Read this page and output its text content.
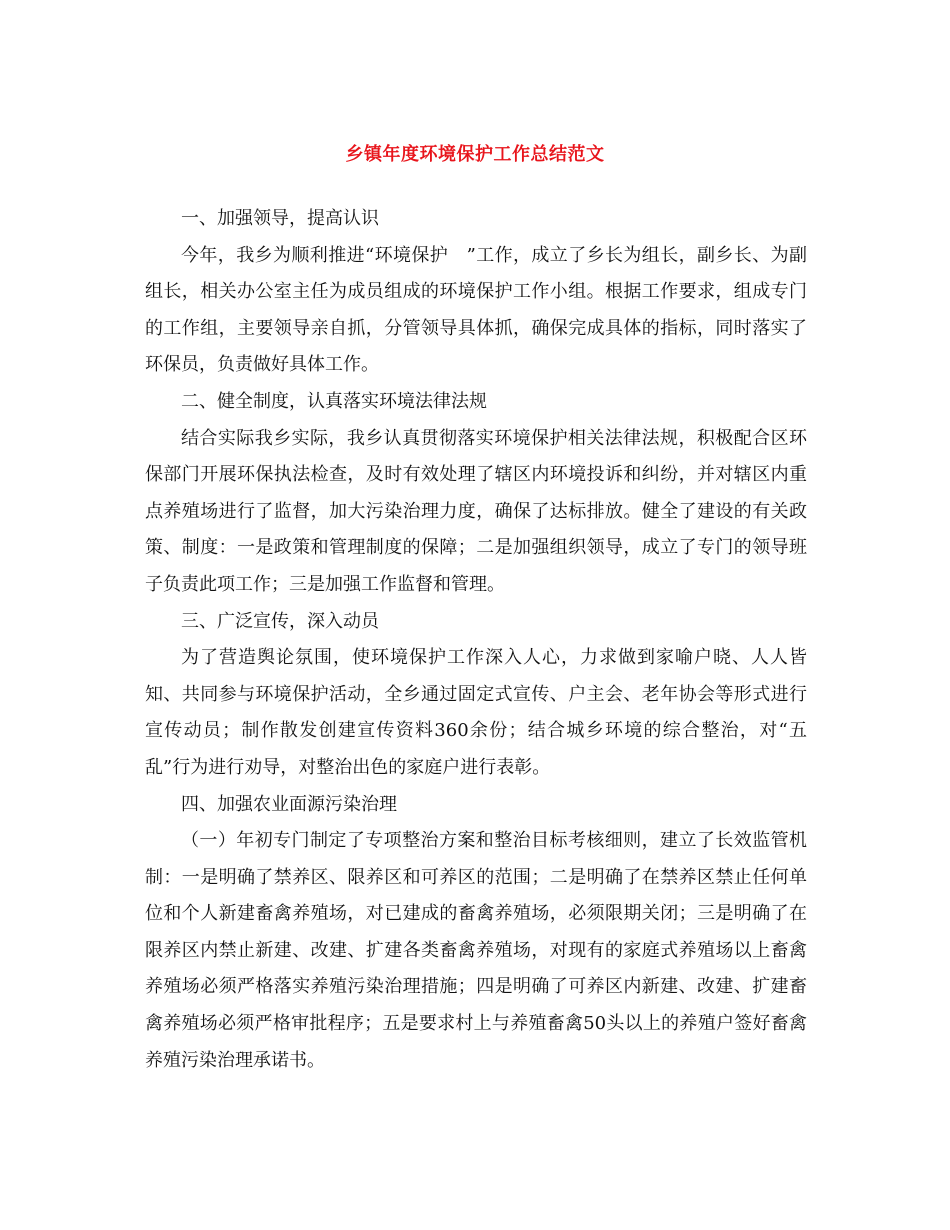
乡镇年度环境保护工作总结范文

一、加强领导，提高认识

今年，我乡为顺利推进“环境保护　”工作，成立了乡长为组长，副乡长、为副组长，相关办公室主任为成员组成的环境保护工作小组。根据工作要求，组成专门的工作组，主要领导亲自抓，分管领导具体抓，确保完成具体的指标，同时落实了环保员，负责做好具体工作。

二、健全制度，认真落实环境法律法规

结合实际我乡实际，我乡认真贯彻落实环境保护相关法律法规，积极配合区环保部门开展环保执法检查，及时有效处理了辖区内环境投诉和纠纷，并对辖区内重点养殖场进行了监督，加大污染治理力度，确保了达标排放。健全了建设的有关政策、制度：一是政策和管理制度的保障；二是加强组织领导，成立了专门的领导班子负责此项工作；三是加强工作监督和管理。

三、广泛宣传，深入动员

为了营造舆论氛围，使环境保护工作深入人心，力求做到家喻户晓、人人皆知、共同参与环境保护活动，全乡通过固定式宣传、户主会、老年协会等形式进行宣传动员；制作散发创建宣传资料360余份；结合城乡环境的综合整治，对“五乱”行为进行劝导，对整治出色的家庭户进行表彰。

四、加强农业面源污染治理

（一）年初专门制定了专项整治方案和整治目标考核细则，建立了长效监管机制：一是明确了禁养区、限养区和可养区的范围；二是明确了在禁养区禁止任何单位和个人新建畜禽养殖场，对已建成的畜禽养殖场，必须限期关闭；三是明确了在限养区内禁止新建、改建、扩建各类畜禽养殖场，对现有的家庭式养殖场以上畜禽养殖场必须严格落实养殖污染治理措施；四是明确了可养区内新建、改建、扩建畜禽养殖场必须严格审批程序；五是要求村上与养殖畜禽50头以上的养殖户签好畜禽养殖污染治理承诺书。
